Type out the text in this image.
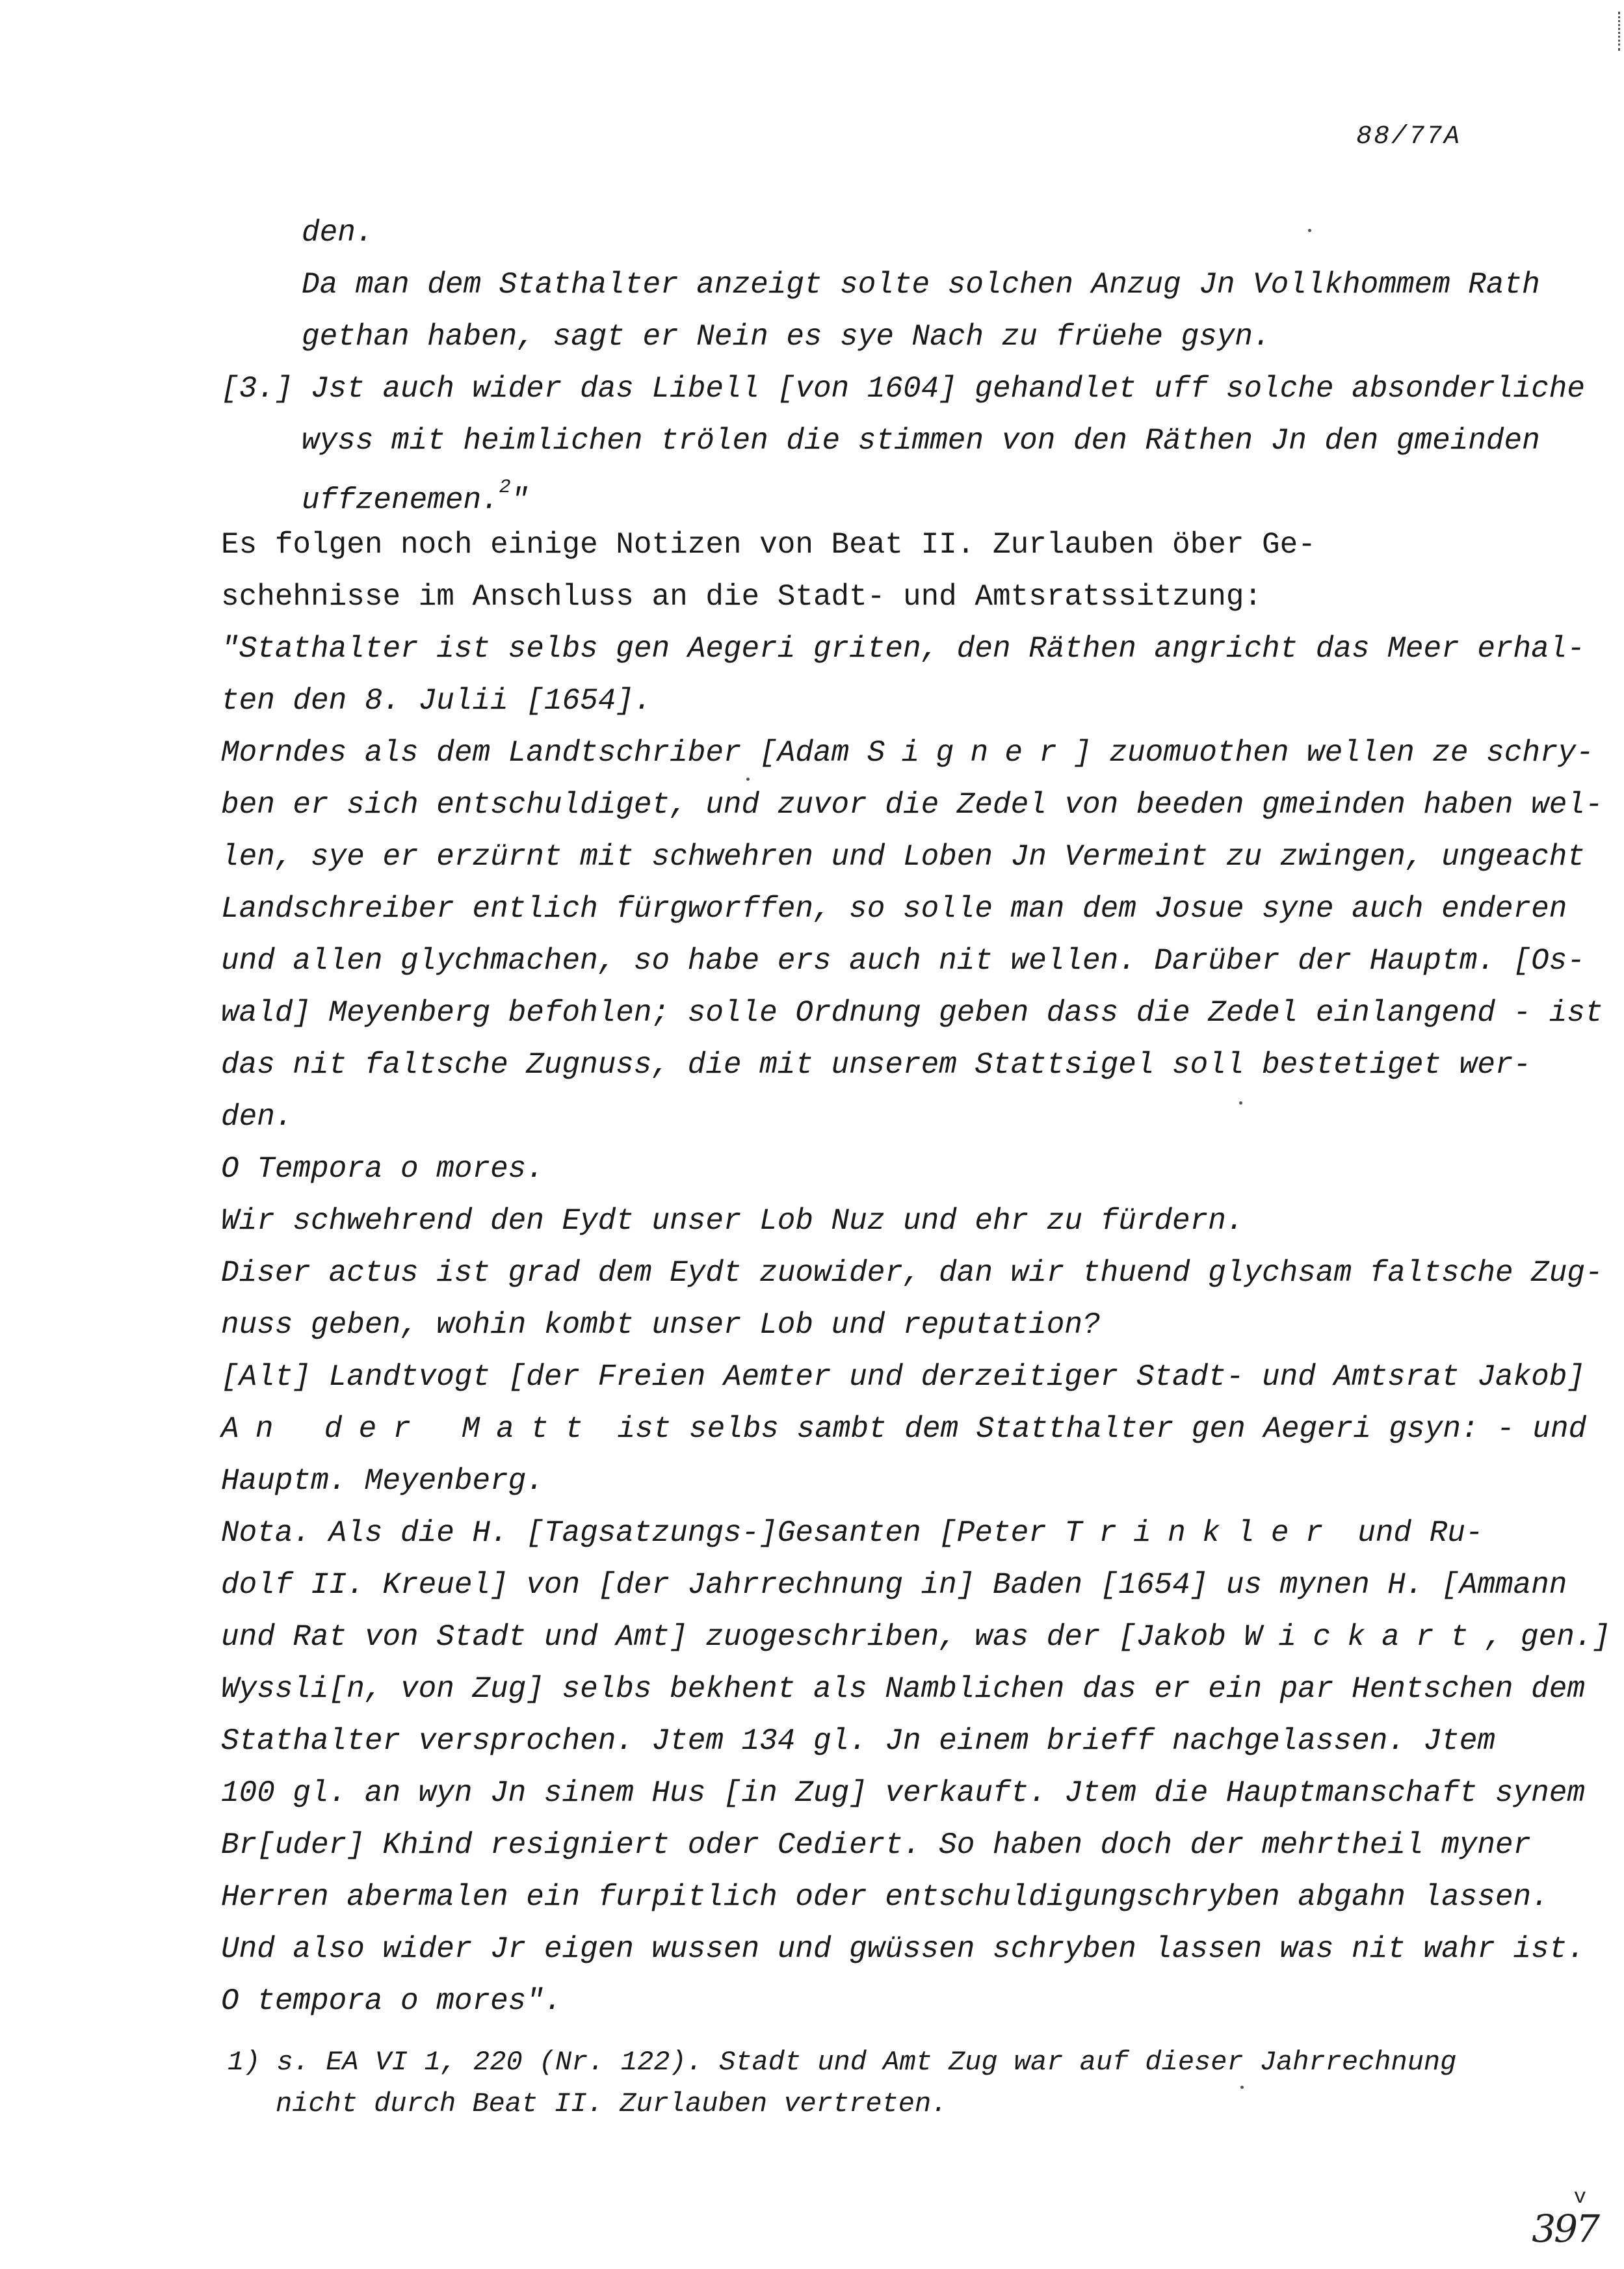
88/77A
den.
Da man dem Stathalter anzeigt solte solchen Anzug Jn Vollkhommem Rath
gethan haben, sagt er Nein es sye Nach zu früehe gsyn.
[3.] Jst auch wider das Libell [von 1604] gehandlet uff solche absonderliche
wyss mit heimlichen trölen die stimmen von den Räthen Jn den gmeinden
uffzenemen.$^2$"
Es folgen noch einige Notizen von Beat II. Zurlauben öber Ge-
schehnisse im Anschluss an die Stadt- und Amtsratssitzung:
"Stathalter ist selbs gen Aegeri griten, den Räthen angricht das Meer erhal-
ten den 8. Julii [1654].
Morndes als dem Landtschriber [Adam Signer] zuomuothen wellen ze schry-
ben er sich entschuldiget, und zuvor die Zedel von beeden gmeinden haben wel-
len, sye er erzürnt mit schwehren und Loben Jn Vermeint zu zwingen, ungeacht
Landschreiber entlich fürgworffen, so solle man dem Josue syne auch enderen
und allen glychmachen, so habe ers auch nit wellen. Darüber der Hauptm. [Os-
wald] Meyenberg befohlen; solle Ordnung geben dass die Zedel einlangend - ist
das nit faltsche Zugnuss, die mit unserem Stattsigel soll bestetiget wer-
den.
O Tempora o mores.
Wir schwehrend den Eydt unser Lob Nuz und ehr zu fürdern.
Diser actus ist grad dem Eydt zuowider, dan wir thuend glychsam faltsche Zug-
nuss geben, wohin kombt unser Lob und reputation?
[Alt] Landtvogt [der Freien Aemter und derzeitiger Stadt- und Amtsrat Jakob]
An der Matt ist selbs sambt dem Statthalter gen Aegeri gsyn: - und
Hauptm. Meyenberg.
Nota. Als die H. [Tagsatzungs-]Gesanten [Peter Trinkler und Ru-
dolf II. Kreuel] von [der Jahrrechnung in] Baden [1654] us mynen H. [Ammann
und Rat von Stadt und Amt] zuogeschriben, was der [Jakob Wickart, gen.]
Wyssli[n, von Zug] selbs bekhent als Namblichen das er ein par Hentschen dem
Stathalter versprochen. Jtem 134 gl. Jn einem brieff nachgelassen. Jtem
100 gl. an wyn Jn sinem Hus [in Zug] verkauft. Jtem die Hauptmanschaft synem
Br[uder] Khind resigniert oder Cediert. So haben doch der mehrtheil myner
Herren abermalen ein furpitlich oder entschuldigungschryben abgahn lassen.
Und also wider Jr eigen wussen und gwüssen schryben lassen was nit wahr ist.
O tempora o mores".
1) s. EA VI 1, 220 (Nr. 122). Stadt und Amt Zug war auf dieser Jahrrechnung
nicht durch Beat II. Zurlauben vertreten.
v
397
